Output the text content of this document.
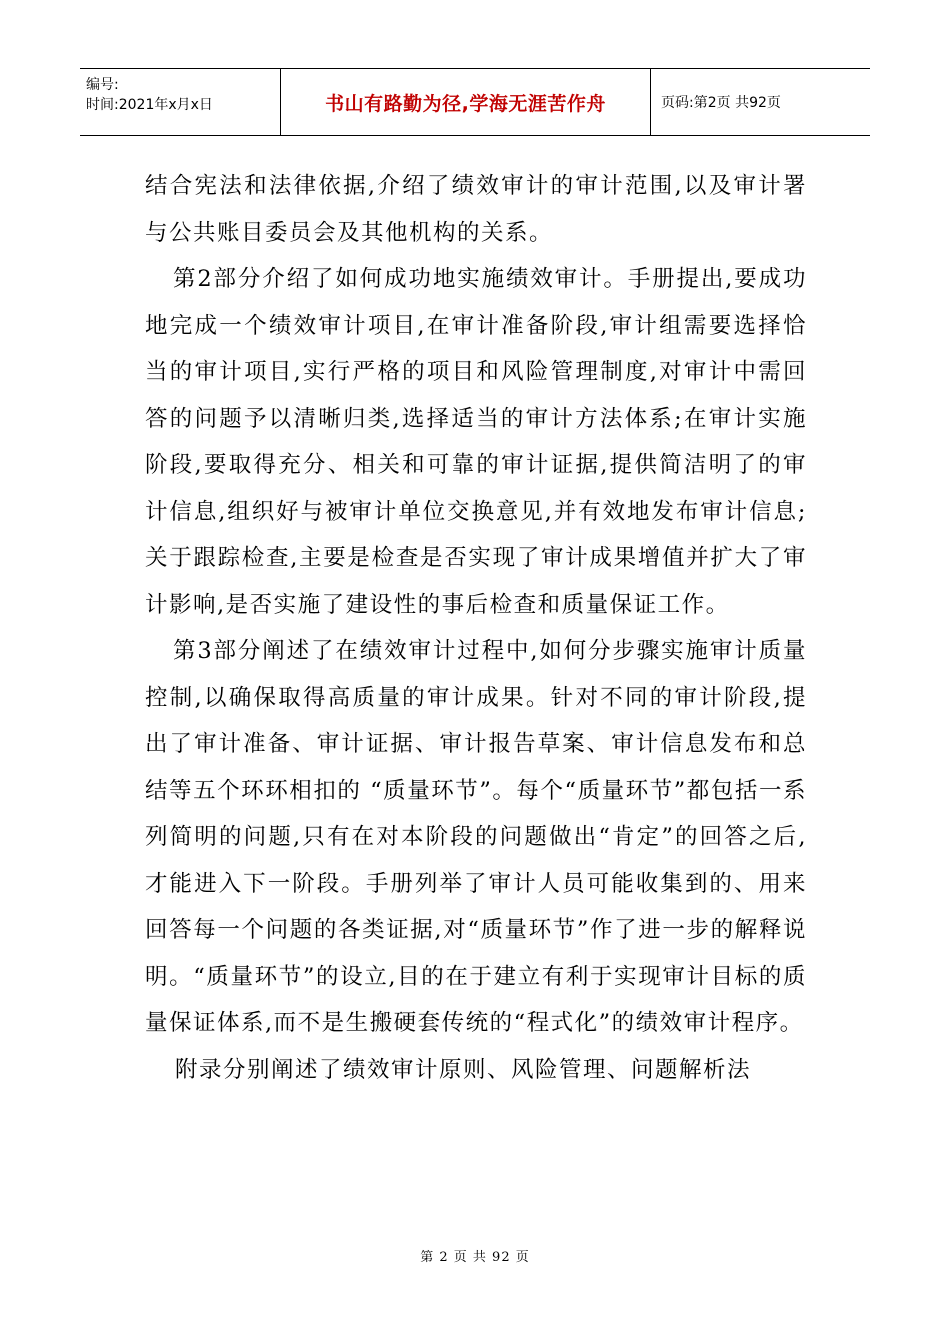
编号:
时间:2021年x月x日	书山有路勤为径,学海无涯苦作舟	页码:第2页 共92页

结合宪法和法律依据,介绍了绩效审计的审计范围,以及审计署与公共账目委员会及其他机构的关系。

第2部分介绍了如何成功地实施绩效审计。手册提出,要成功地完成一个绩效审计项目,在审计准备阶段,审计组需要选择恰当的审计项目,实行严格的项目和风险管理制度,对审计中需回答的问题予以清晰归类,选择适当的审计方法体系;在审计实施阶段,要取得充分、相关和可靠的审计证据,提供简洁明了的审计信息,组织好与被审计单位交换意见,并有效地发布审计信息;关于跟踪检查,主要是检查是否实现了审计成果增值并扩大了审计影响,是否实施了建设性的事后检查和质量保证工作。

第3部分阐述了在绩效审计过程中,如何分步骤实施审计质量控制,以确保取得高质量的审计成果。针对不同的审计阶段,提出了审计准备、审计证据、审计报告草案、审计信息发布和总结等五个环环相扣的 “质量环节”。每个“质量环节”都包括一系列简明的问题,只有在对本阶段的问题做出“肯定”的回答之后,才能进入下一阶段。手册列举了审计人员可能收集到的、用来回答每一个问题的各类证据,对“质量环节”作了进一步的解释说明。“质量环节”的设立,目的在于建立有利于实现审计目标的质量保证体系,而不是生搬硬套传统的“程式化”的绩效审计程序。

附录分别阐述了绩效审计原则、风险管理、问题解析法

第 2 页 共 92 页
